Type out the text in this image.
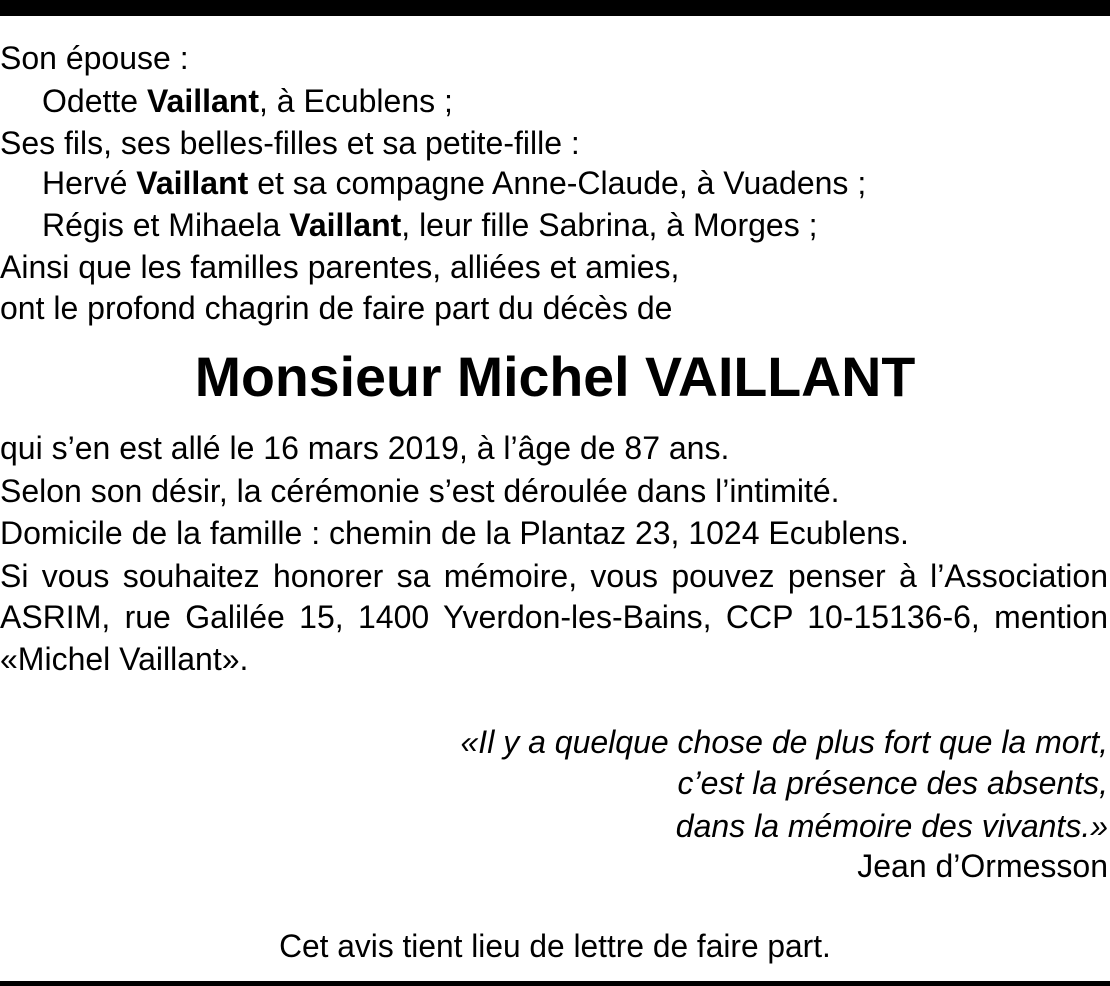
Son épouse :
Odette Vaillant, à Ecublens ;
Ses fils, ses belles-filles et sa petite-fille :
Hervé Vaillant et sa compagne Anne-Claude, à Vuadens ;
Régis et Mihaela Vaillant, leur fille Sabrina, à Morges ;
Ainsi que les familles parentes, alliées et amies,
ont le profond chagrin de faire part du décès de
Monsieur Michel VAILLANT
qui s’en est allé le 16 mars 2019, à l’âge de 87 ans.
Selon son désir, la cérémonie s’est déroulée dans l’intimité.
Domicile de la famille : chemin de la Plantaz 23, 1024 Ecublens.
Si vous souhaitez honorer sa mémoire, vous pouvez penser à l’Association
ASRIM, rue Galilée 15, 1400 Yverdon-les-Bains, CCP 10-15136-6, mention
«Michel Vaillant».
«Il y a quelque chose de plus fort que la mort,
c’est la présence des absents,
dans la mémoire des vivants.»
Jean d’Ormesson
Cet avis tient lieu de lettre de faire part.
